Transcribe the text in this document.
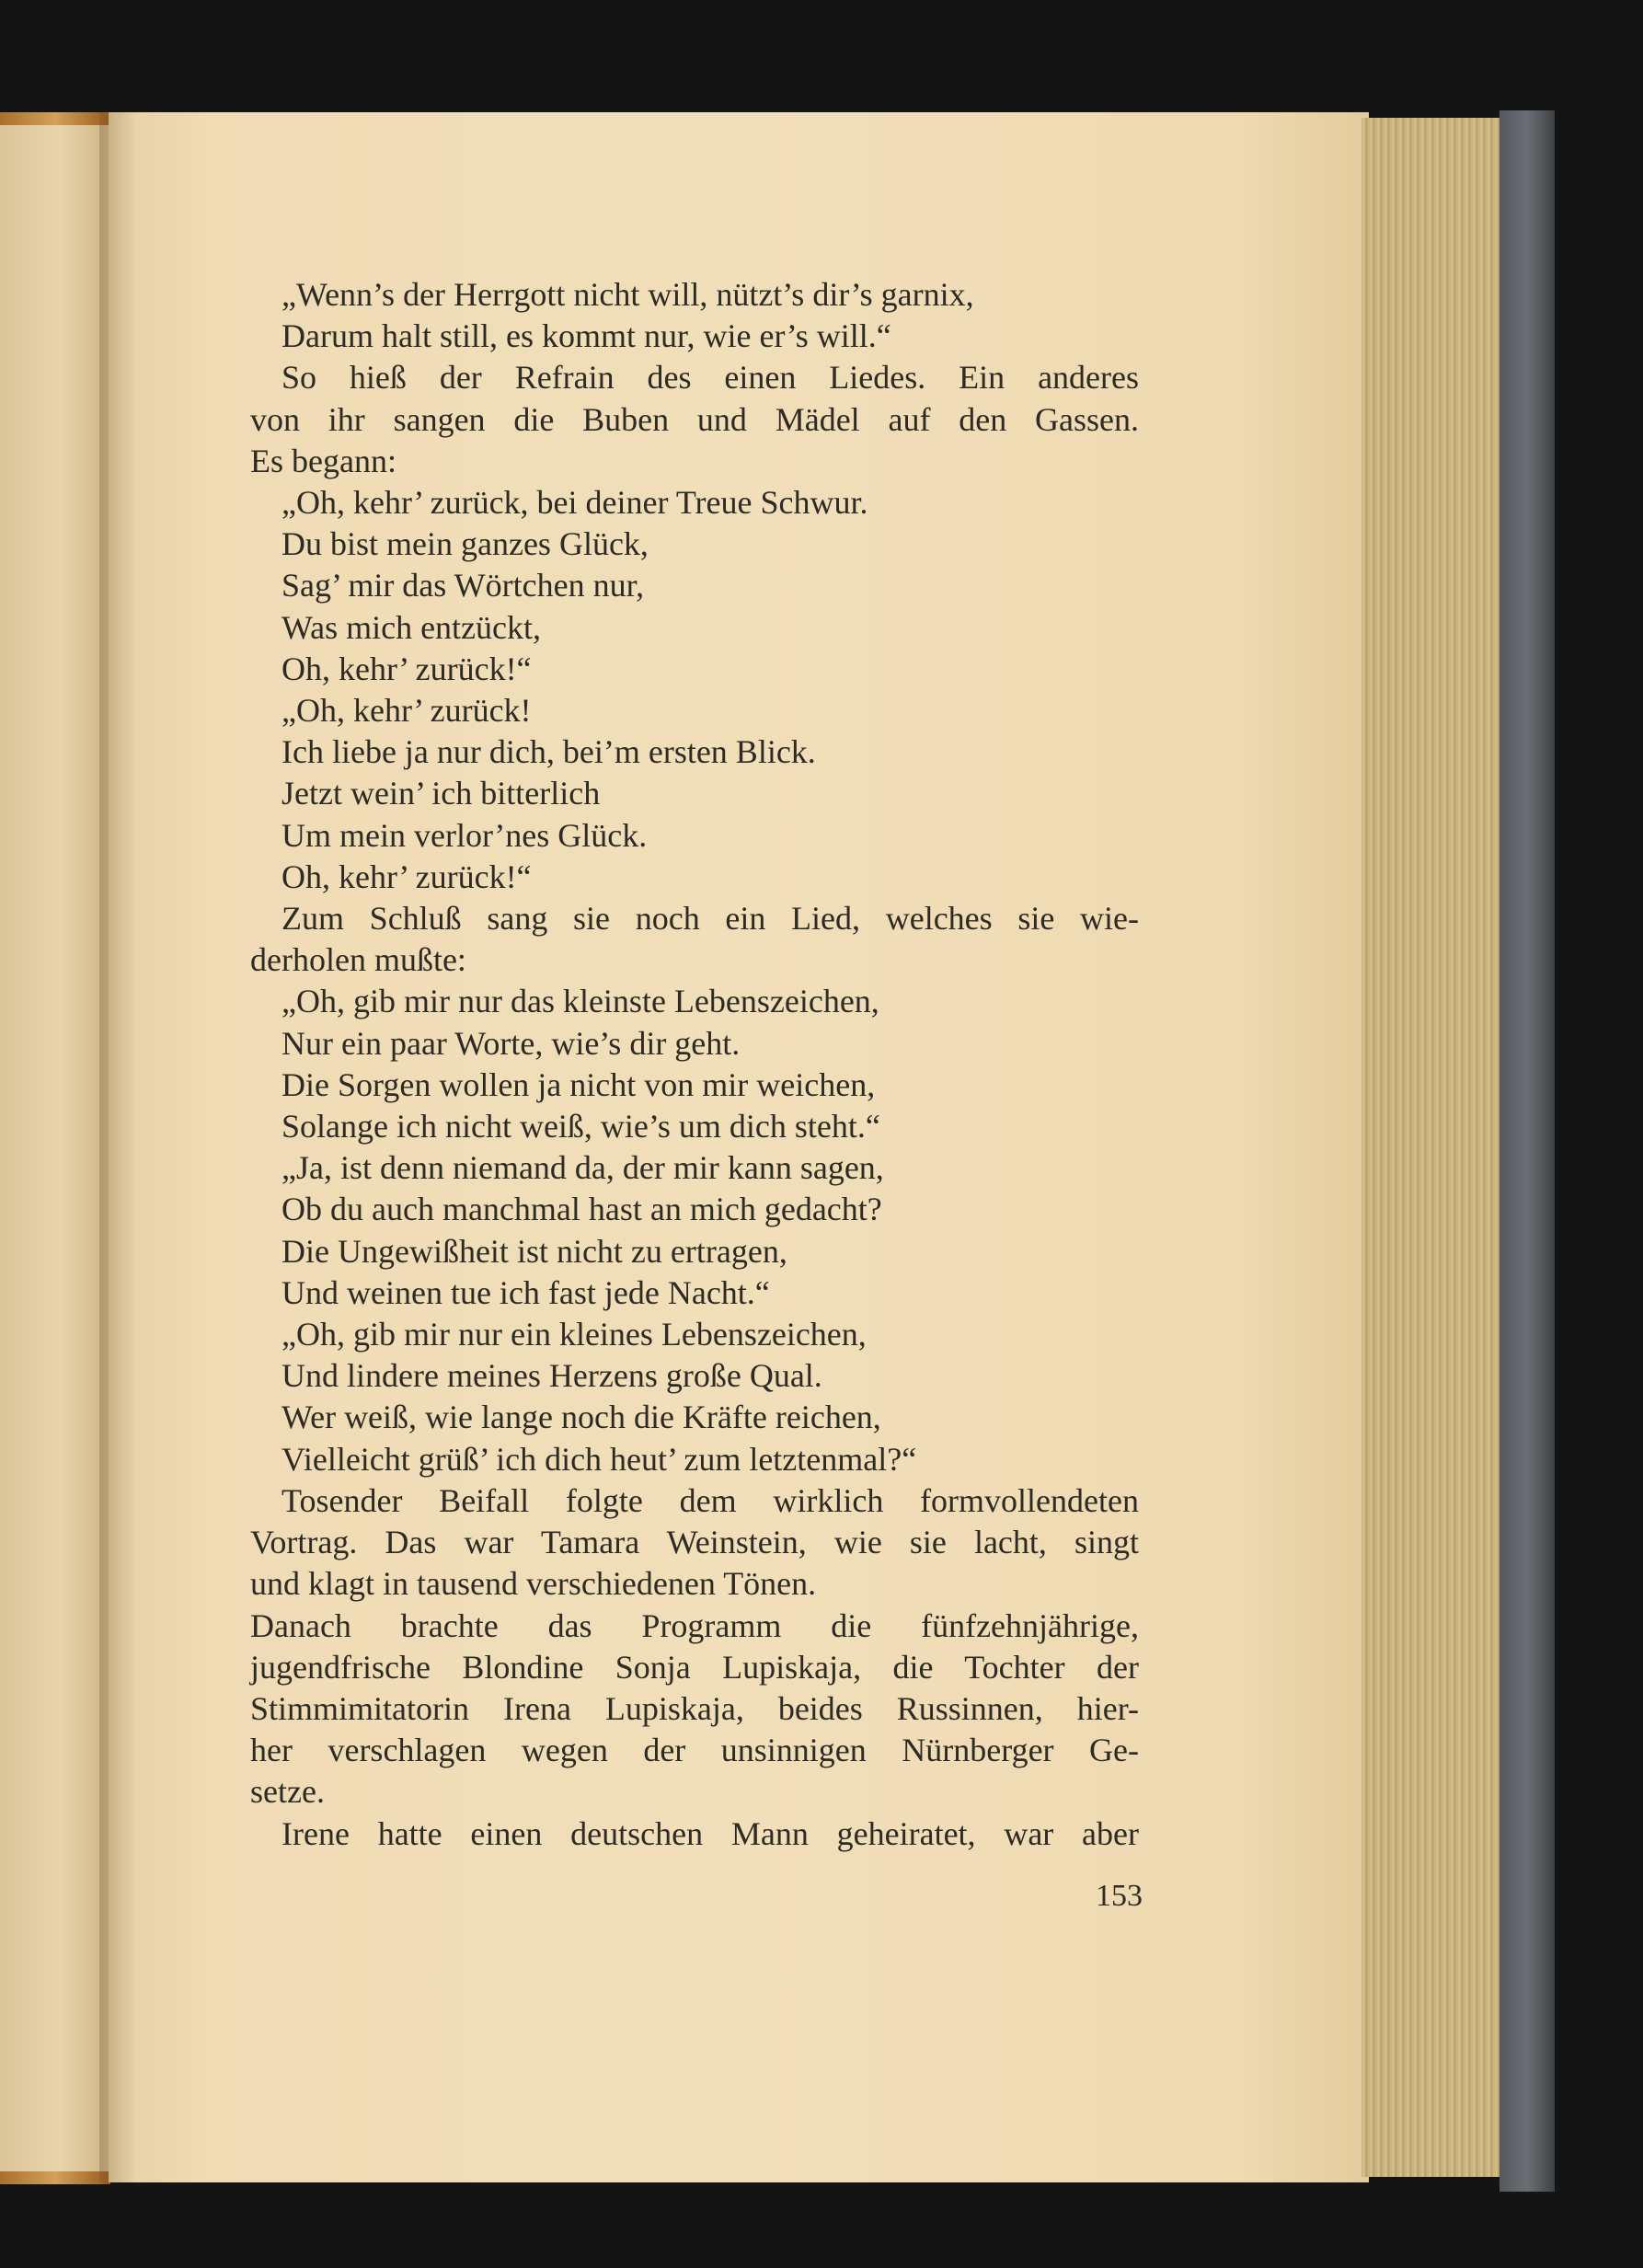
„Wenn’s der Herrgott nicht will, nützt’s dir’s garnix,
Darum halt still, es kommt nur, wie er’s will.“
So hieß der Refrain des einen Liedes. Ein anderes
von ihr sangen die Buben und Mädel auf den Gassen.
Es begann:
„Oh, kehr’ zurück, bei deiner Treue Schwur.
Du bist mein ganzes Glück,
Sag’ mir das Wörtchen nur,
Was mich entzückt,
Oh, kehr’ zurück!“
„Oh, kehr’ zurück!
Ich liebe ja nur dich, bei’m ersten Blick.
Jetzt wein’ ich bitterlich
Um mein verlor’nes Glück.
Oh, kehr’ zurück!“
Zum Schluß sang sie noch ein Lied, welches sie wie-
derholen mußte:
„Oh, gib mir nur das kleinste Lebenszeichen,
Nur ein paar Worte, wie’s dir geht.
Die Sorgen wollen ja nicht von mir weichen,
Solange ich nicht weiß, wie’s um dich steht.“
„Ja, ist denn niemand da, der mir kann sagen,
Ob du auch manchmal hast an mich gedacht?
Die Ungewißheit ist nicht zu ertragen,
Und weinen tue ich fast jede Nacht.“
„Oh, gib mir nur ein kleines Lebenszeichen,
Und lindere meines Herzens große Qual.
Wer weiß, wie lange noch die Kräfte reichen,
Vielleicht grüß’ ich dich heut’ zum letztenmal?“
Tosender Beifall folgte dem wirklich formvollendeten
Vortrag. Das war Tamara Weinstein, wie sie lacht, singt
und klagt in tausend verschiedenen Tönen.
Danach brachte das Programm die fünfzehnjährige,
jugendfrische Blondine Sonja Lupiskaja, die Tochter der
Stimmimitatorin Irena Lupiskaja, beides Russinnen, hier-
her verschlagen wegen der unsinnigen Nürnberger Ge-
setze.
Irene hatte einen deutschen Mann geheiratet, war aber
153
